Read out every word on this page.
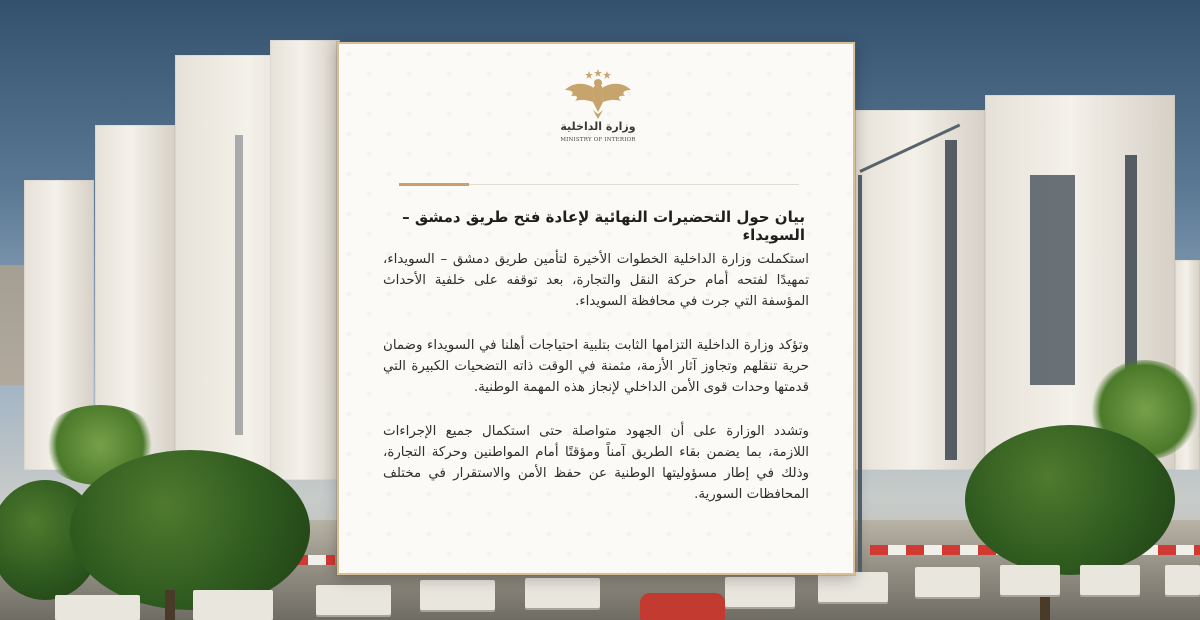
وزارة الداخلية
MINISTRY OF INTERIOR
بيان حول التحضيرات النهائية لإعادة فتح طريق دمشق – السويداء

استكملت وزارة الداخلية الخطوات الأخيرة لتأمين طريق دمشق – السويداء، تمهيدًا لفتحه أمام حركة النقل والتجارة، بعد توقفه على خلفية الأحداث المؤسفة التي جرت في محافظة السويداء.

وتؤكد وزارة الداخلية التزامها الثابت بتلبية احتياجات أهلنا في السويداء وضمان حرية تنقلهم وتجاوز آثار الأزمة، مثمنة في الوقت ذاته التضحيات الكبيرة التي قدمتها وحدات قوى الأمن الداخلي لإنجاز هذه المهمة الوطنية.

وتشدد الوزارة على أن الجهود متواصلة حتى استكمال جميع الإجراءات اللازمة، بما يضمن بقاء الطريق آمناً ومؤقتًا أمام المواطنين وحركة التجارة، وذلك في إطار مسؤوليتها الوطنية عن حفظ الأمن والاستقرار في مختلف المحافظات السورية.
